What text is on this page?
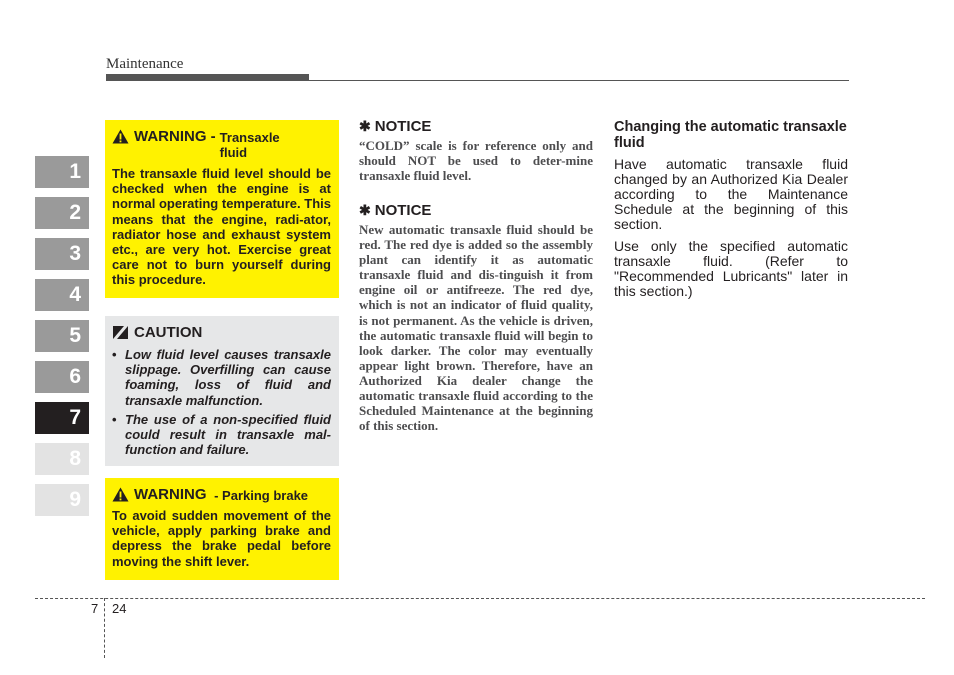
Maintenance
1
2
3
4
5
6
7
8
9
WARNING - Transaxle fluid
The transaxle fluid level should be checked when the engine is at normal operating temperature. This means that the engine, radi-ator, radiator hose and exhaust system etc., are very hot. Exercise great care not to burn yourself during this procedure.
CAUTION
• Low fluid level causes transaxle slippage. Overfilling can cause foaming, loss of fluid and transaxle malfunction.
• The use of a non-specified fluid could result in transaxle mal-function and failure.
WARNING - Parking brake
To avoid sudden movement of the vehicle, apply parking brake and depress the brake pedal before moving the shift lever.
✱ NOTICE
“COLD” scale is for reference only and should NOT be used to deter-mine transaxle fluid level.
✱ NOTICE
New automatic transaxle fluid should be red. The red dye is added so the assembly plant can identify it as automatic transaxle fluid and dis-tinguish it from engine oil or antifreeze. The red dye, which is not an indicator of fluid quality, is not permanent. As the vehicle is driven, the automatic transaxle fluid will begin to look darker. The color may eventually appear light brown. Therefore, have an Authorized Kia dealer change the automatic transaxle fluid according to the Scheduled Maintenance at the beginning of this section.
Changing the automatic transaxle fluid
Have automatic transaxle fluid changed by an Authorized Kia Dealer according to the Maintenance Schedule at the beginning of this section.
Use only the specified automatic transaxle fluid. (Refer to "Recommended Lubricants" later in this section.)
7 24
